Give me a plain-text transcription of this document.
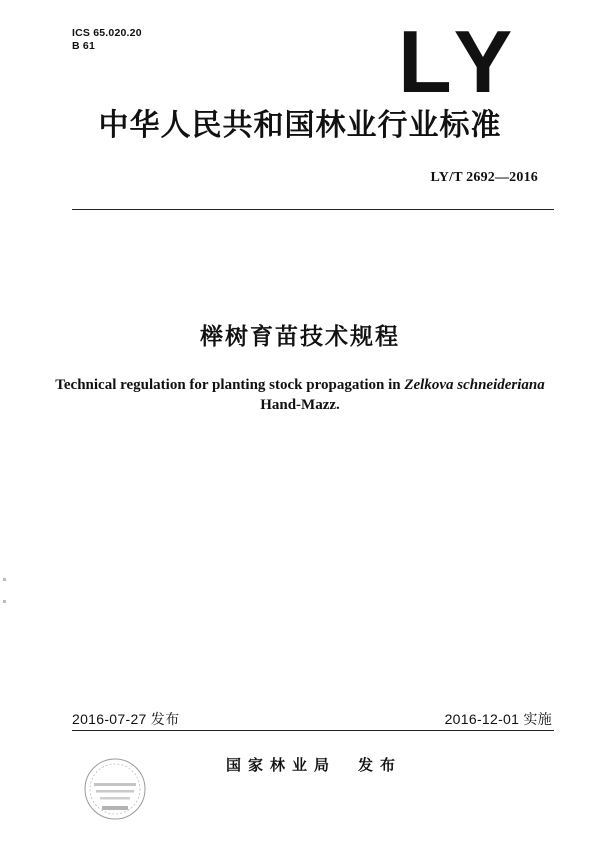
ICS 65.020.20
B 61	LY
中华人民共和国林业行业标准
LY/T 2692—2016
榉树育苗技术规程
Technical regulation for planting stock propagation in Zelkova schneideriana
Hand-Mazz.
2016-07-27 发布	2016-12-01 实施
国家林业局 发布
